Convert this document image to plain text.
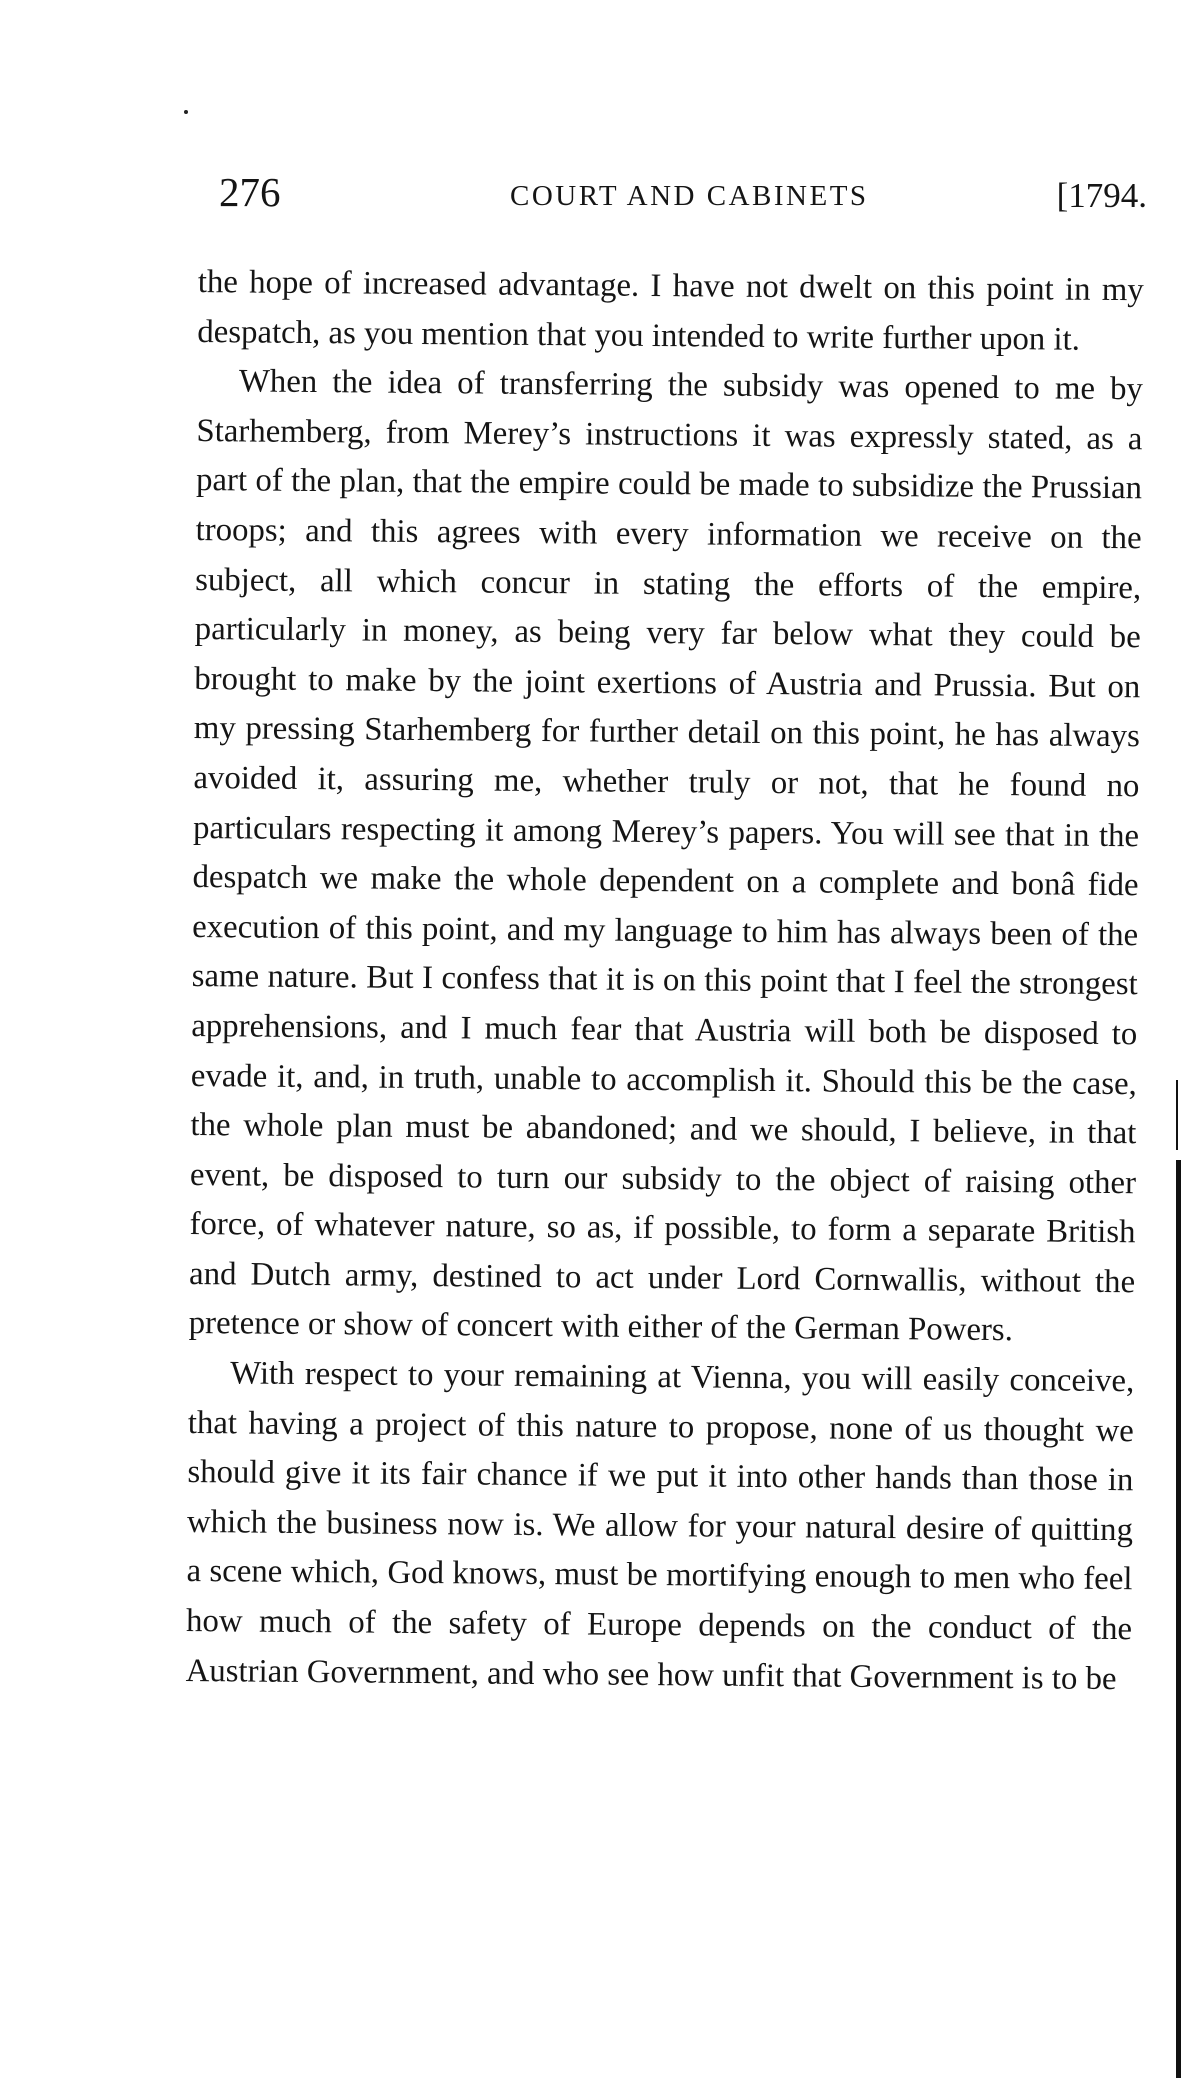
276	COURT AND CABINETS	[1794.

the hope of increased advantage. I have not dwelt on this point in my despatch, as you mention that you intended to write further upon it.

When the idea of transferring the subsidy was opened to me by Starhemberg, from Merey’s instructions it was expressly stated, as a part of the plan, that the empire could be made to subsidize the Prussian troops; and this agrees with every information we receive on the subject, all which concur in stating the efforts of the empire, particularly in money, as being very far below what they could be brought to make by the joint exertions of Austria and Prussia. But on my pressing Starhemberg for further detail on this point, he has always avoided it, assuring me, whether truly or not, that he found no particulars respecting it among Merey’s papers. You will see that in the despatch we make the whole dependent on a complete and bonâ fide execution of this point, and my language to him has always been of the same nature. But I confess that it is on this point that I feel the strongest apprehensions, and I much fear that Austria will both be disposed to evade it, and, in truth, unable to accomplish it. Should this be the case, the whole plan must be abandoned; and we should, I believe, in that event, be disposed to turn our subsidy to the object of raising other force, of whatever nature, so as, if possible, to form a separate British and Dutch army, destined to act under Lord Cornwallis, without the pretence or show of concert with either of the German Powers.

With respect to your remaining at Vienna, you will easily conceive, that having a project of this nature to propose, none of us thought we should give it its fair chance if we put it into other hands than those in which the business now is. We allow for your natural desire of quitting a scene which, God knows, must be mortifying enough to men who feel how much of the safety of Europe depends on the conduct of the Austrian Government, and who see how unfit that Government is to be
